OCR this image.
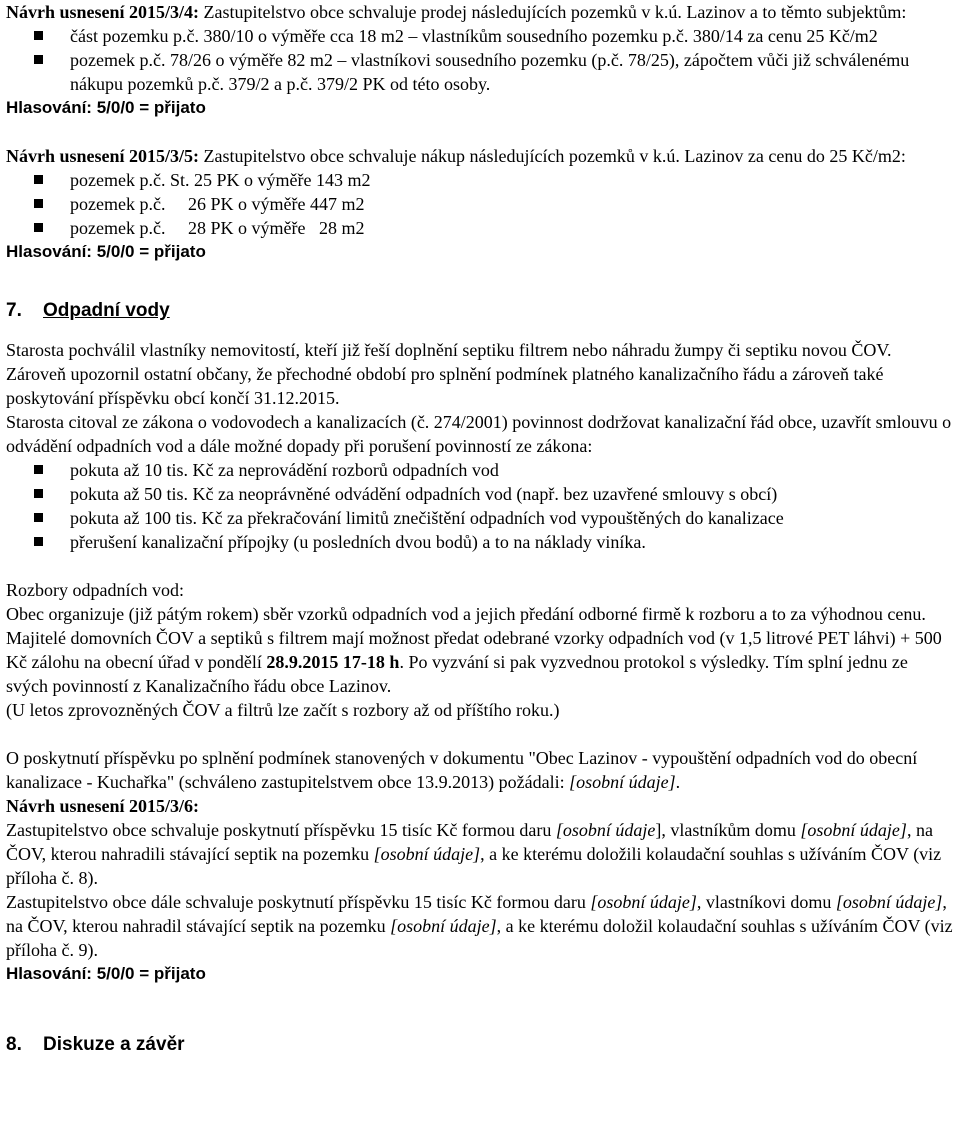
Návrh usnesení 2015/3/4: Zastupitelstvo obce schvaluje prodej následujících pozemků v k.ú. Lazinov a to těmto subjektům:

část pozemku p.č. 380/10 o výměře cca 18 m2 – vlastníkům sousedního pozemku p.č. 380/14 za cenu 25 Kč/m2
pozemek p.č. 78/26 o výměře 82 m2 – vlastníkovi sousedního pozemku (p.č. 78/25), zápočtem vůči již schválenému nákupu pozemků p.č. 379/2 a p.č. 379/2 PK od této osoby.

Hlasování: 5/0/0 = přijato

Návrh usnesení 2015/3/5: Zastupitelstvo obce schvaluje nákup následujících pozemků v k.ú. Lazinov za cenu do 25 Kč/m2:

pozemek p.č. St. 25 PK o výměře 143 m2
pozemek p.č.     26 PK o výměře 447 m2
pozemek p.č.     28 PK o výměře   28 m2

Hlasování: 5/0/0 = přijato

7. Odpadní vody

Starosta pochválil vlastníky nemovitostí, kteří již řeší doplnění septiku filtrem nebo náhradu žumpy či septiku novou ČOV. Zároveň upozornil ostatní občany, že přechodné období pro splnění podmínek platného kanalizačního řádu a zároveň také poskytování příspěvku obcí končí 31.12.2015.

Starosta citoval ze zákona o vodovodech a kanalizacích (č. 274/2001) povinnost dodržovat kanalizační řád obce, uzavřít smlouvu o odvádění odpadních vod a dále možné dopady při porušení povinností ze zákona:

pokuta až 10 tis. Kč za neprovádění rozborů odpadních vod
pokuta až 50 tis. Kč za neoprávněné odvádění odpadních vod (např. bez uzavřené smlouvy s obcí)
pokuta až 100 tis. Kč za překračování limitů znečištění odpadních vod vypouštěných do kanalizace
přerušení kanalizační přípojky (u posledních dvou bodů) a to na náklady viníka.

Rozbory odpadních vod:

Obec organizuje (již pátým rokem) sběr vzorků odpadních vod a jejich předání odborné firmě k rozboru a to za výhodnou cenu. Majitelé domovních ČOV a septiků s filtrem mají možnost předat odebrané vzorky odpadních vod (v 1,5 litrové PET láhvi) + 500 Kč zálohu na obecní úřad v pondělí 28.9.2015 17-18 h. Po vyzvání si pak vyzvednou protokol s výsledky. Tím splní jednu ze svých povinností z Kanalizačního řádu obce Lazinov.

(U letos zprovozněných ČOV a filtrů lze začít s rozbory až od příštího roku.)

O poskytnutí příspěvku po splnění podmínek stanovených v dokumentu "Obec Lazinov - vypouštění odpadních vod do obecní kanalizace - Kuchařka" (schváleno zastupitelstvem obce 13.9.2013) požádali: [osobní údaje].

Návrh usnesení 2015/3/6:

Zastupitelstvo obce schvaluje poskytnutí příspěvku 15 tisíc Kč formou daru [osobní údaje], vlastníkům domu [osobní údaje], na ČOV, kterou nahradili stávající septik na pozemku [osobní údaje], a ke kterému doložili kolaudační souhlas s užíváním ČOV (viz příloha č. 8).

Zastupitelstvo obce dále schvaluje poskytnutí příspěvku 15 tisíc Kč formou daru [osobní údaje], vlastníkovi domu [osobní údaje], na ČOV, kterou nahradil stávající septik na pozemku [osobní údaje], a ke kterému doložil kolaudační souhlas s užíváním ČOV (viz příloha č. 9).

Hlasování: 5/0/0 = přijato

8. Diskuze a závěr
